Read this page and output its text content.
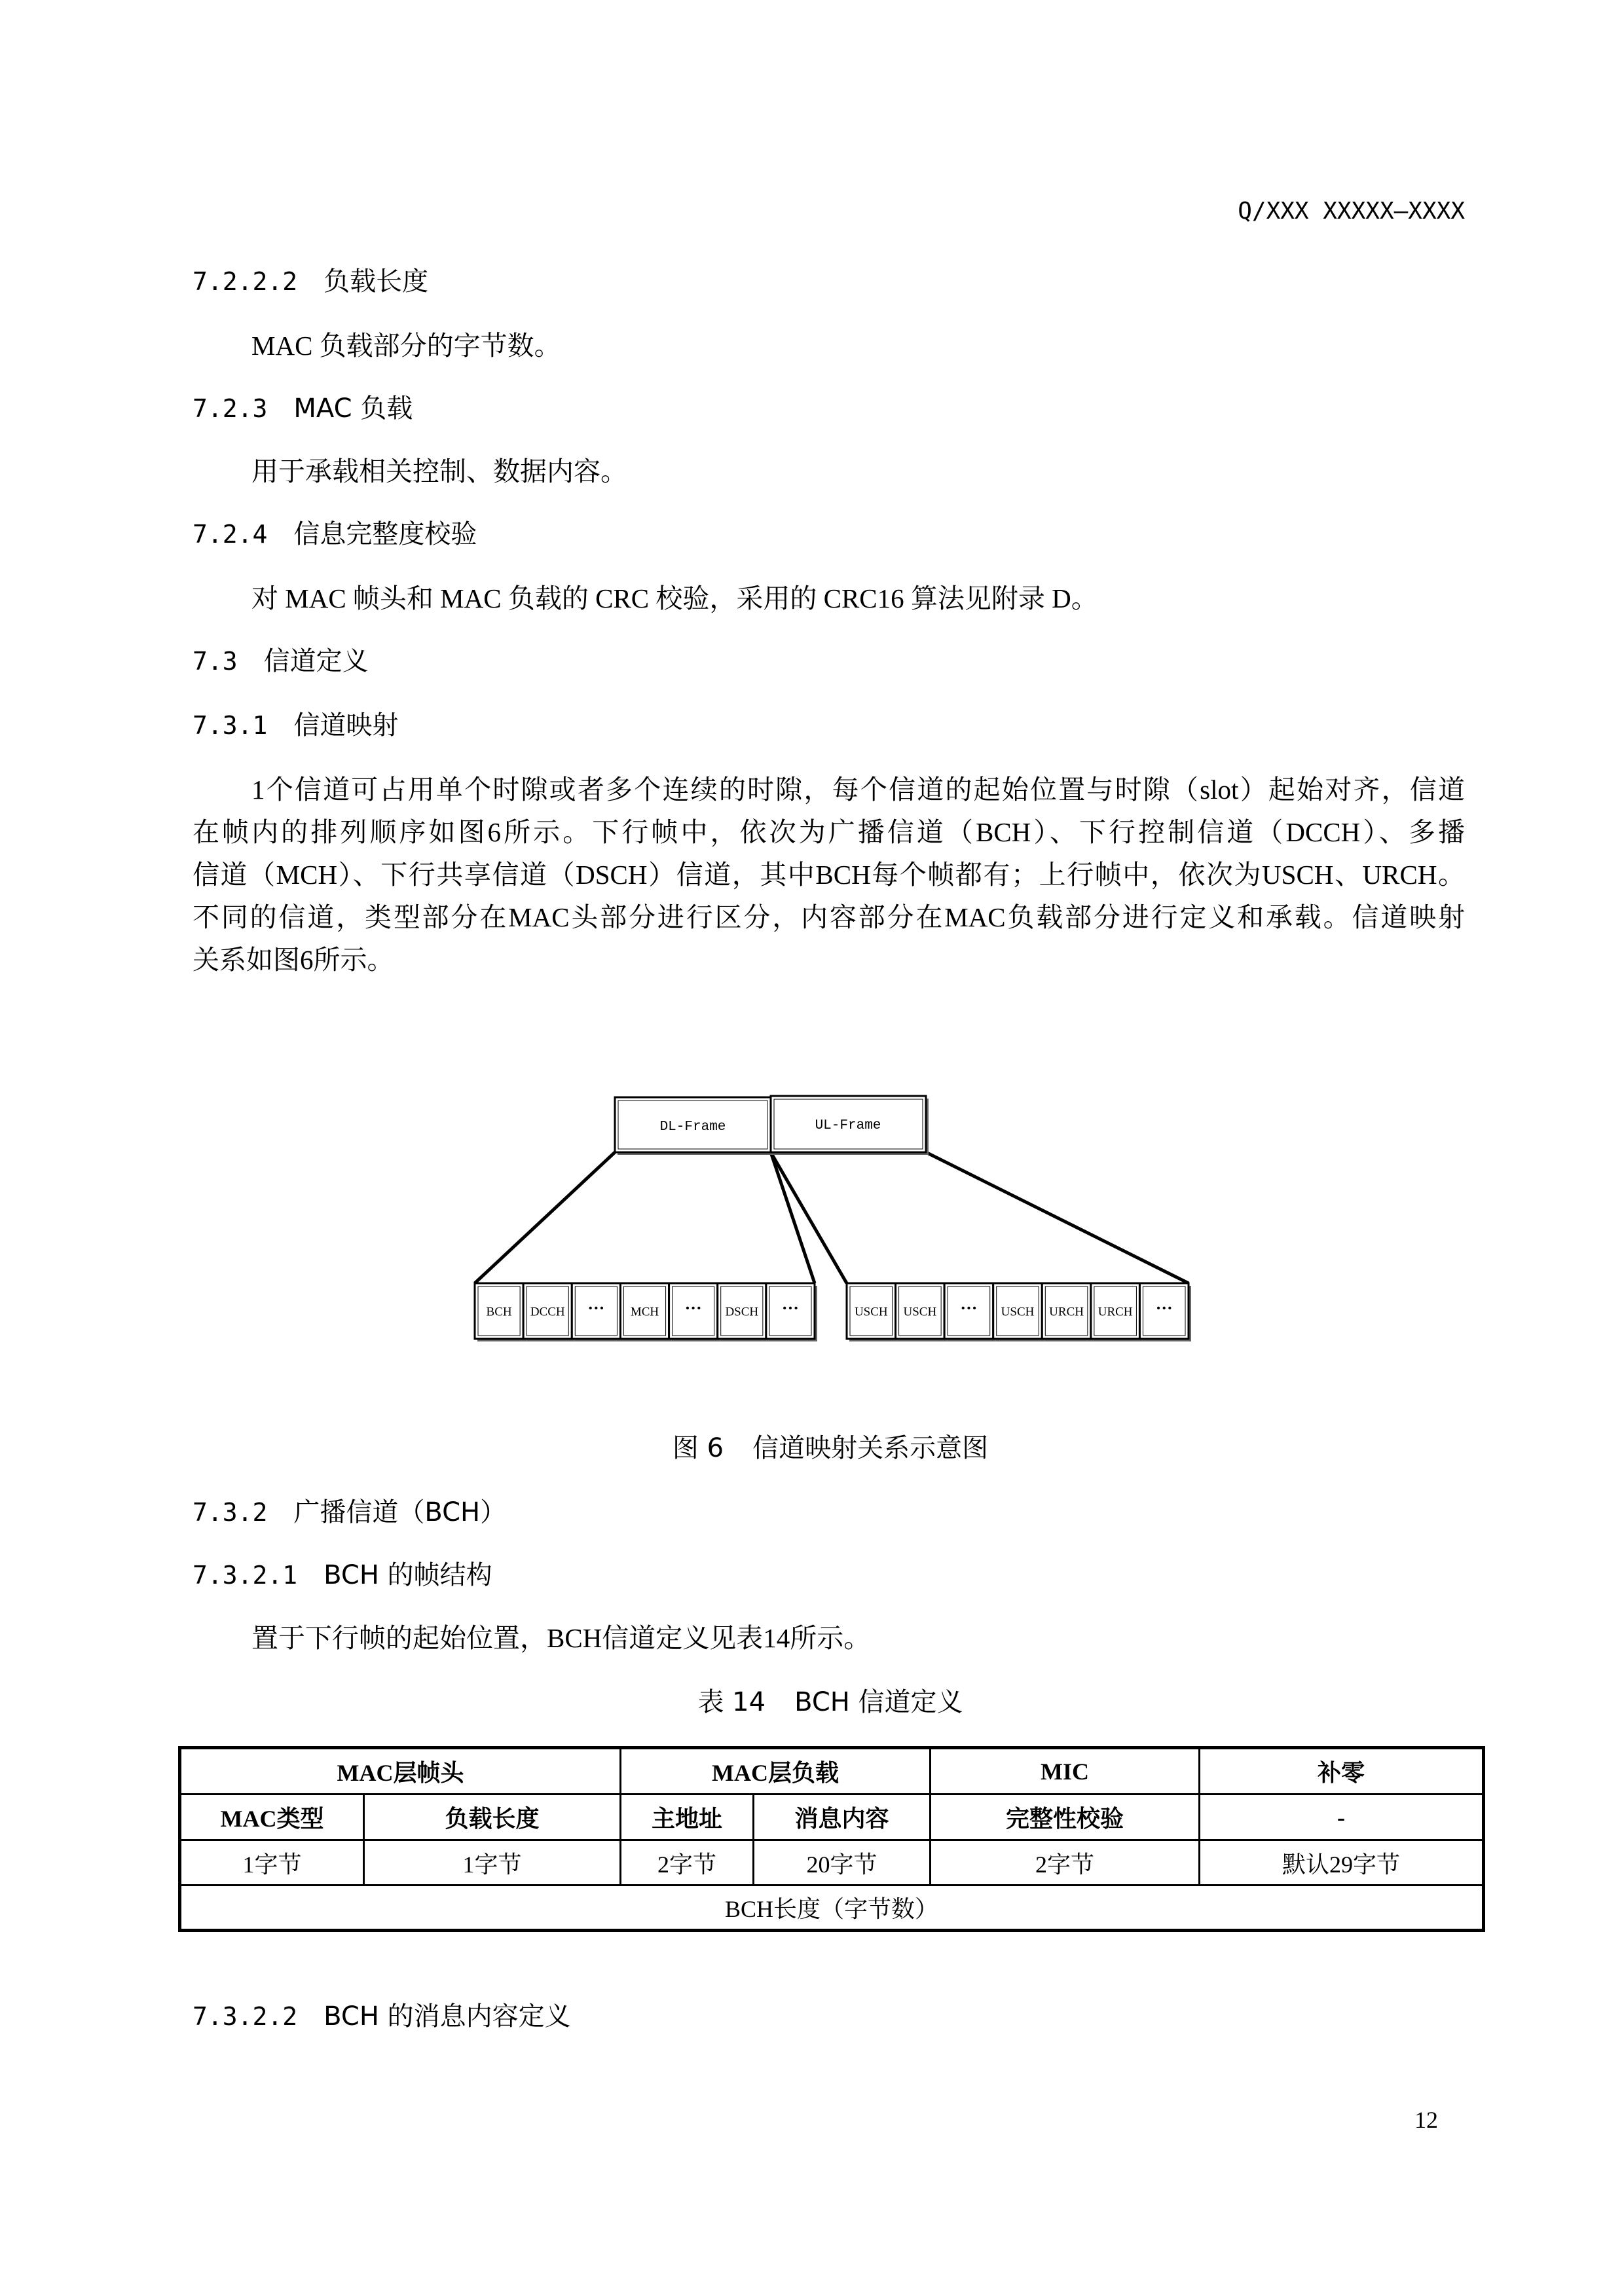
Q/XXX XXXXX—XXXX
7.2.2.2 负载长度
MAC 负载部分的字节数。
7.2.3 MAC 负载
用于承载相关控制、数据内容。
7.2.4 信息完整度校验
对 MAC 帧头和 MAC 负载的 CRC 校验，采用的 CRC16 算法见附录 D。
7.3 信道定义
7.3.1 信道映射
1个信道可占用单个时隙或者多个连续的时隙，每个信道的起始位置与时隙（slot）起始对齐，信道
在帧内的排列顺序如图6所示。下行帧中，依次为广播信道（BCH）、下行控制信道（DCCH）、多播
信道（MCH）、下行共享信道（DSCH）信道，其中BCH每个帧都有；上行帧中，依次为USCH、URCH。
不同的信道，类型部分在MAC头部分进行区分，内容部分在MAC负载部分进行定义和承载。信道映射
关系如图6所示。
DL-Frame	UL-Frame
BCH DCCH ··· MCH ··· DSCH ···	USCH USCH ··· USCH URCH URCH ···
图 6 信道映射关系示意图
7.3.2 广播信道（BCH）
7.3.2.1 BCH 的帧结构
置于下行帧的起始位置，BCH信道定义见表14所示。
表 14 BCH 信道定义
MAC层帧头		MAC层负载		MIC	补零
MAC类型	负载长度	主地址	消息内容	完整性校验	-
1字节	1字节	2字节	20字节	2字节	默认29字节
BCH长度（字节数）					
7.3.2.2 BCH 的消息内容定义
12
